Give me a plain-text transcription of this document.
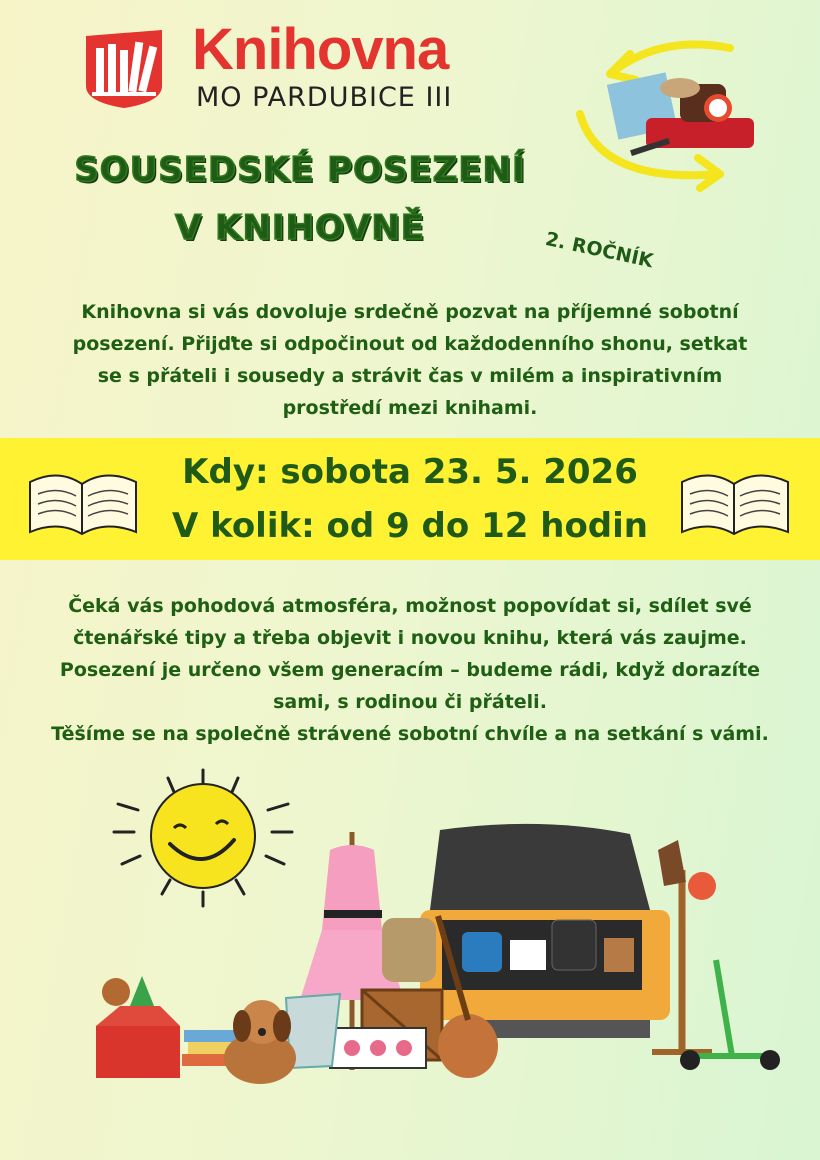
Knihovna
MO PARDUBICE III
SOUSEDSKÉ POSEZENÍ
V KNIHOVNĚ	2. ROČNÍK
Knihovna si vás dovoluje srdečně pozvat na příjemné sobotní
posezení. Přijďte si odpočinout od každodenního shonu, setkat
se s přáteli i sousedy a strávit čas v milém a inspirativním
prostředí mezi knihami.
Kdy: sobota 23. 5. 2026
V kolik: od 9 do 12 hodin
Čeká vás pohodová atmosféra, možnost popovídat si, sdílet své
čtenářské tipy a třeba objevit i novou knihu, která vás zaujme.
Posezení je určeno všem generacím – budeme rádi, když dorazíte
sami, s rodinou či přáteli.
Těšíme se na společně strávené sobotní chvíle a na setkání s vámi.
